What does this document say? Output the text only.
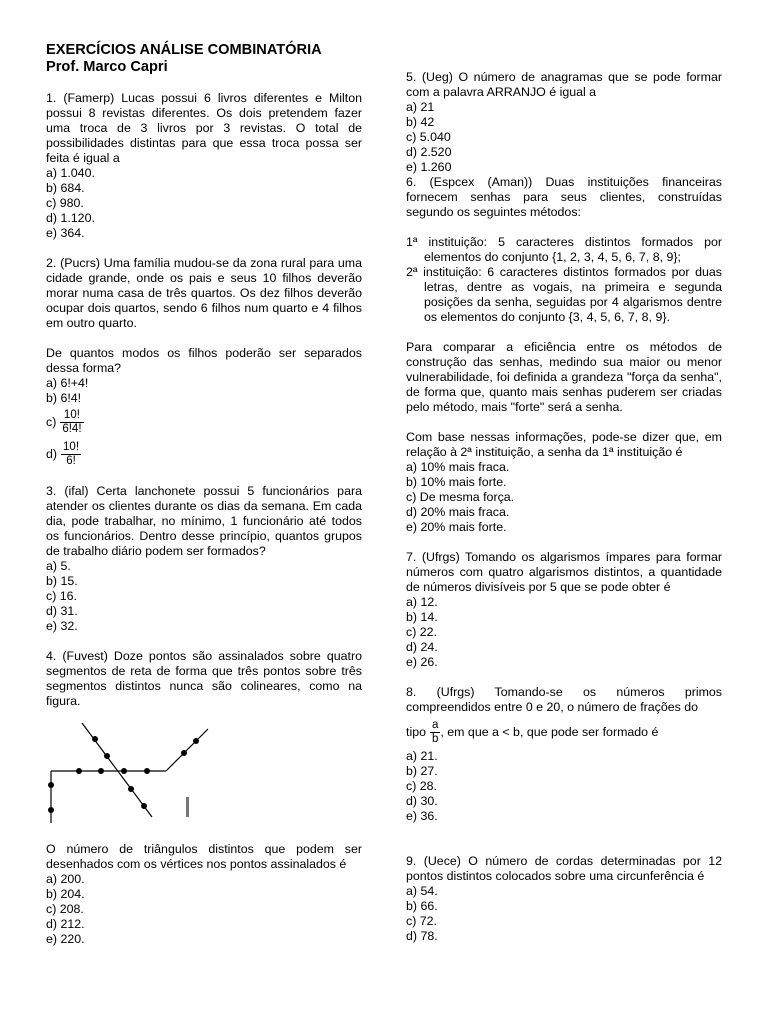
EXERCÍCIOS ANÁLISE COMBINATÓRIA
Prof. Marco Capri

1. (Famerp) Lucas possui 6 livros diferentes e Milton possui 8 revistas diferentes. Os dois pretendem fazer uma troca de 3 livros por 3 revistas. O total de possibilidades distintas para que essa troca possa ser feita é igual a

a) 1.040.

b) 684.

c) 980.

d) 1.120.

e) 364.

2. (Pucrs) Uma família mudou-se da zona rural para uma cidade grande, onde os pais e seus 10 filhos deverão morar numa casa de três quartos. Os dez filhos deverão ocupar dois quartos, sendo 6 filhos num quarto e 4 filhos em outro quarto.

De quantos modos os filhos poderão ser separados dessa forma?

a) 6!+4!

b) 6!4!

$c) \frac{10!}{6!4!}$
$d) \frac{10!}{6!}$

3. (ifal) Certa lanchonete possui 5 funcionários para atender os clientes durante os dias da semana. Em cada dia, pode trabalhar, no mínimo, 1 funcionário até todos os funcionários. Dentro desse princípio, quantos grupos de trabalho diário podem ser formados?

a) 5.

b) 15.

c) 16.

d) 31.

e) 32.

4. (Fuvest) Doze pontos são assinalados sobre quatro segmentos de reta de forma que três pontos sobre três segmentos distintos nunca são colineares, como na figura.

O número de triângulos distintos que podem ser desenhados com os vértices nos pontos assinalados é

a) 200.

b) 204.

c) 208.

d) 212.

e) 220.

5. (Ueg) O número de anagramas que se pode formar com a palavra ARRANJO é igual a

a) 21

b) 42

c) 5.040

d) 2.520

e) 1.260

6. (Espcex (Aman)) Duas instituições financeiras fornecem senhas para seus clientes, construídas segundo os seguintes métodos:

1ª instituição: 5 caracteres distintos formados por elementos do conjunto {1, 2, 3, 4, 5, 6, 7, 8, 9};

2ª instituição: 6 caracteres distintos formados por duas letras, dentre as vogais, na primeira e segunda posições da senha, seguidas por 4 algarismos dentre os elementos do conjunto {3, 4, 5, 6, 7, 8, 9}.

Para comparar a eficiência entre os métodos de construção das senhas, medindo sua maior ou menor vulnerabilidade, foi definida a grandeza "força da senha", de forma que, quanto mais senhas puderem ser criadas pelo método, mais "forte" será a senha.

Com base nessas informações, pode-se dizer que, em relação à 2ª instituição, a senha da 1ª instituição é

a) 10% mais fraca.

b) 10% mais forte.

c) De mesma força.

d) 20% mais fraca.

e) 20% mais forte.

7. (Ufrgs) Tomando os algarismos ímpares para formar números com quatro algarismos distintos, a quantidade de números divisíveis por 5 que se pode obter é

a) 12.

b) 14.

c) 22.

d) 24.

e) 26.

8. (Ufrgs) Tomando-se os números primos compreendidos entre 0 e 20, o número de frações do

tipo $\frac{a}{b}$ , em que a < b, que pode ser formado é

a) 21.

b) 27.

c) 28.

d) 30.

e) 36.

9. (Uece) O número de cordas determinadas por 12 pontos distintos colocados sobre uma circunferência é

a) 54.

b) 66.

c) 72.

d) 78.
